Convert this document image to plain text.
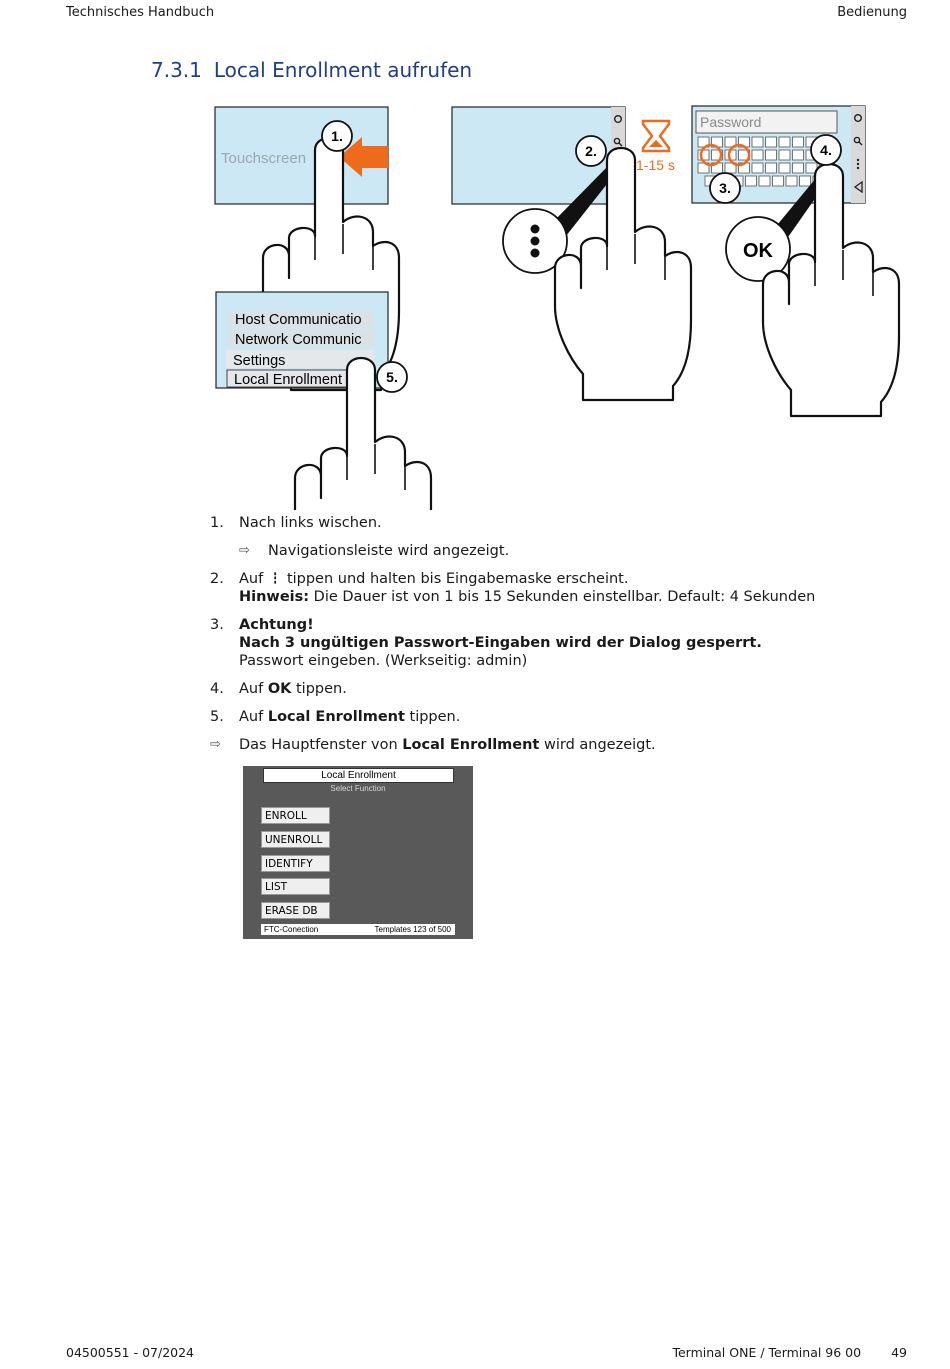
Technisches Handbuch	Bedienung
7.3.1 Local Enrollment aufrufen
Touchscreen
1.
2.
1-15 s
Password
OK
3.
4.
Host Communicatio
Network Communic
Settings
Local Enrollment	5.
1. Nach links wischen.
⇨ Navigationsleiste wird angezeigt.
2. Auf ⋮ tippen und halten bis Eingabemaske erscheint.
Hinweis: Die Dauer ist von 1 bis 15 Sekunden einstellbar. Default: 4 Sekunden
3. Achtung!
Nach 3 ungültigen Passwort-Eingaben wird der Dialog gesperrt.
Passwort eingeben. (Werkseitig: admin)
4. Auf OK tippen.
5. Auf Local Enrollment tippen.
⇨ Das Hauptfenster von Local Enrollment wird angezeigt.
Local Enrollment
Select Function
ENROLL
UNENROLL
IDENTIFY
LIST
ERASE DB
FTC-Conection	Templates 123 of 500
04500551 - 07/2024	Terminal ONE / Terminal 96 00 49
